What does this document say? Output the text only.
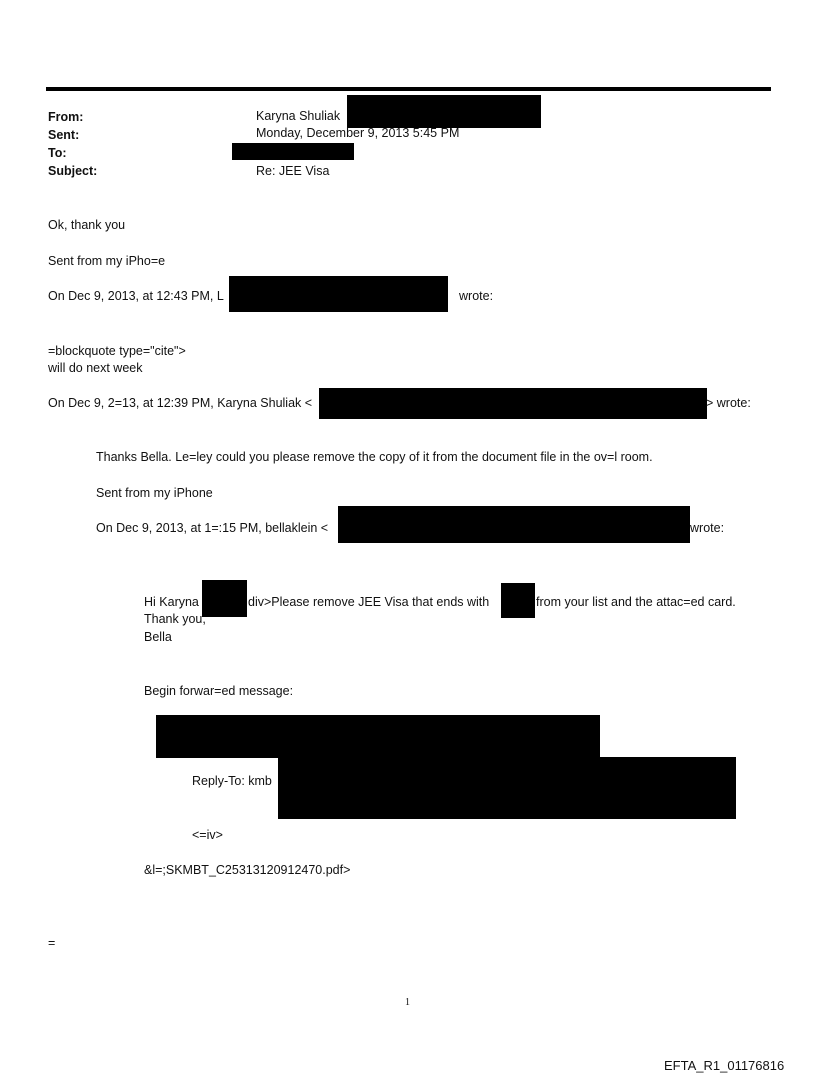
From:	Karyna Shuliak
Sent:	Monday, December 9, 2013 5:45 PM
To:
Subject:	Re: JEE Visa
Ok, thank you
Sent from my iPho=e
On Dec 9, 2013, at 12:43 PM, L	wrote:
=blockquote type="cite">
will do next week
On Dec 9, 2=13, at 12:39 PM, Karyna Shuliak <	> wrote:
Thanks Bella. Le=ley could you please remove the copy of it from the document file in the ov=l room.
Sent from my iPhone
On Dec 9, 2013, at 1=:15 PM, bellaklein <	wrote:
Hi Karyna	div>Please remove JEE Visa that ends with	from your list and the attac=ed card.
Thank you,
Bella
Begin forwar=ed message:
Reply-To: kmb
<=iv>
&l=;SKMBT_C25313120912470.pdf>
=
1
EFTA_R1_01176816
